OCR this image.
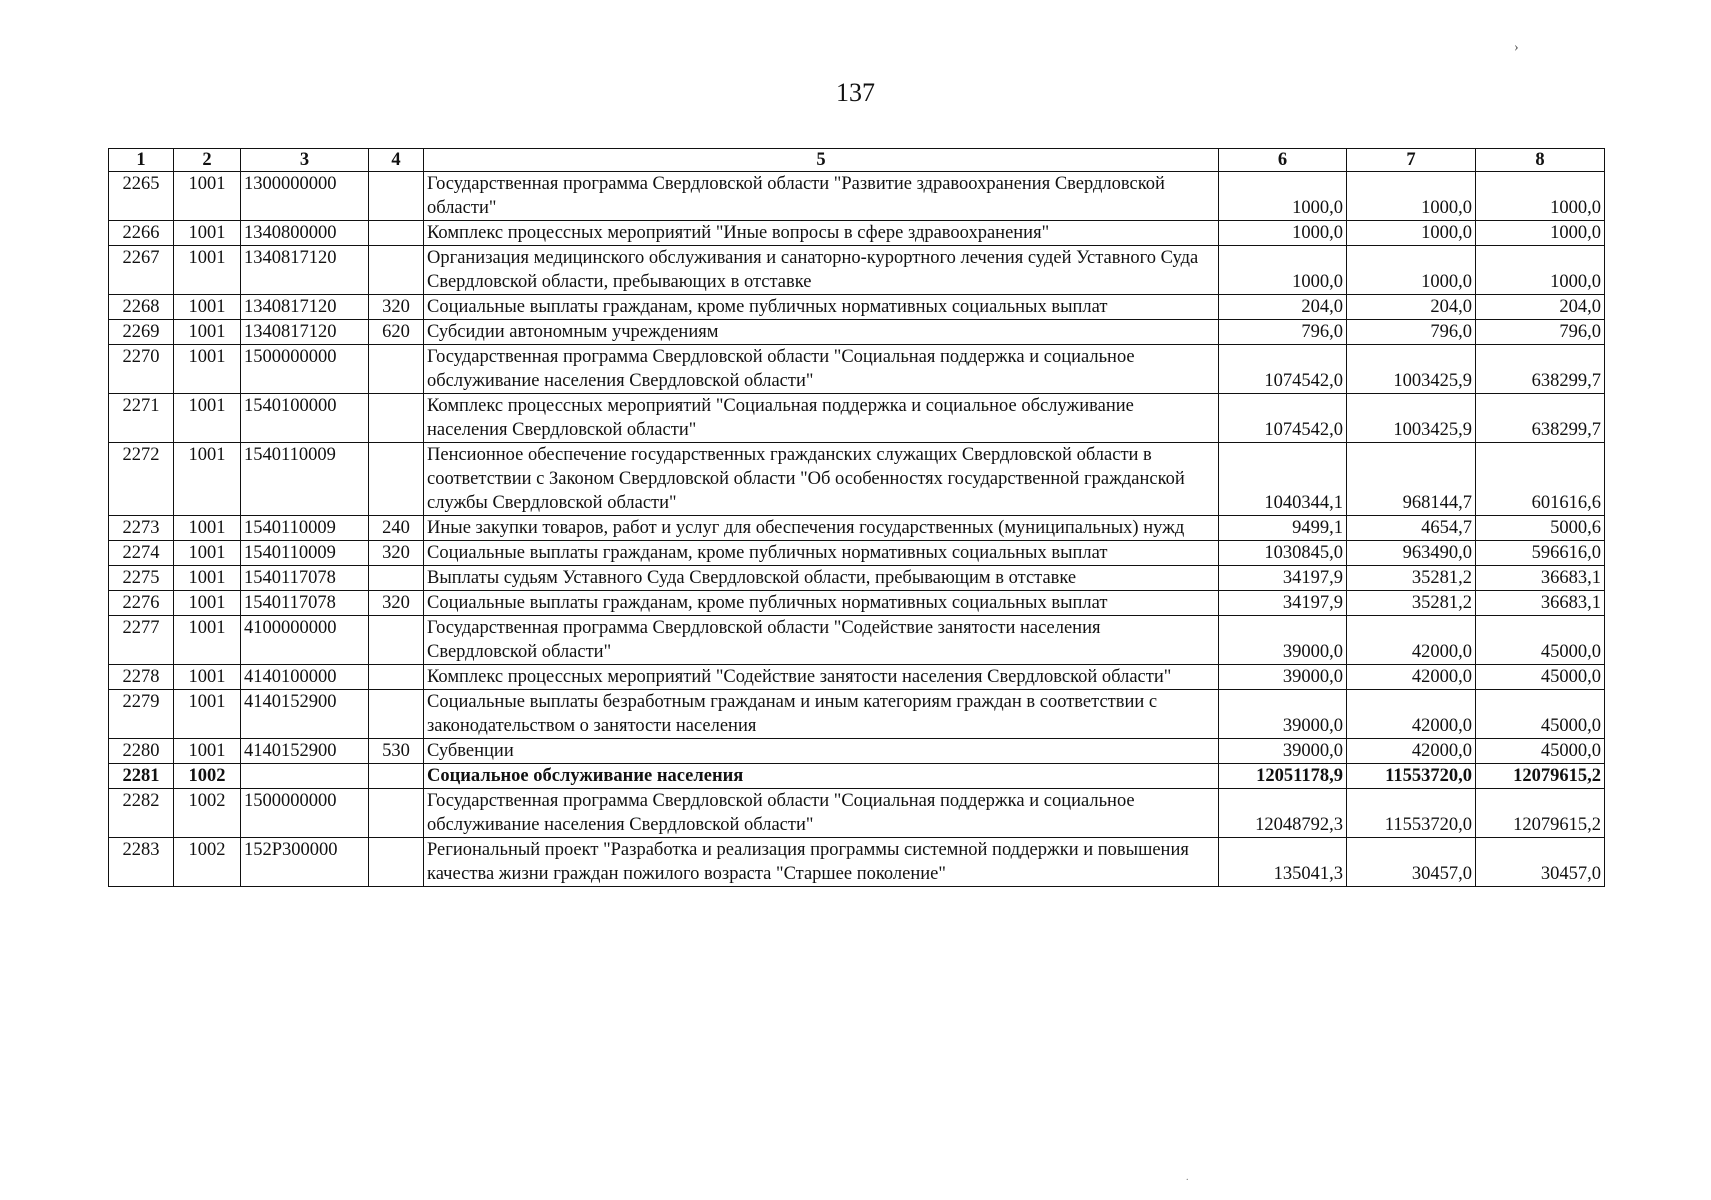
›
137
1	2	3	4	5	6	7	8
2265	1001	1300000000		Государственная программа Свердловской области "Развитие здравоохранения Свердловской области"	1000,0	1000,0	1000,0
2266	1001	1340800000		Комплекс процессных мероприятий "Иные вопросы в сфере здравоохранения"	1000,0	1000,0	1000,0
2267	1001	1340817120		Организация медицинского обслуживания и санаторно-курортного лечения судей Уставного Суда Свердловской области, пребывающих в отставке	1000,0	1000,0	1000,0
2268	1001	1340817120	320	Социальные выплаты гражданам, кроме публичных нормативных социальных выплат	204,0	204,0	204,0
2269	1001	1340817120	620	Субсидии автономным учреждениям	796,0	796,0	796,0
2270	1001	1500000000		Государственная программа Свердловской области "Социальная поддержка и социальное обслуживание населения Свердловской области"	1074542,0	1003425,9	638299,7
2271	1001	1540100000		Комплекс процессных мероприятий "Социальная поддержка и социальное обслуживание населения Свердловской области"	1074542,0	1003425,9	638299,7
2272	1001	1540110009		Пенсионное обеспечение государственных гражданских служащих Свердловской области в соответствии с Законом Свердловской области "Об особенностях государственной гражданской службы Свердловской области"	1040344,1	968144,7	601616,6
2273	1001	1540110009	240	Иные закупки товаров, работ и услуг для обеспечения государственных (муниципальных) нужд	9499,1	4654,7	5000,6
2274	1001	1540110009	320	Социальные выплаты гражданам, кроме публичных нормативных социальных выплат	1030845,0	963490,0	596616,0
2275	1001	1540117078		Выплаты судьям Уставного Суда Свердловской области, пребывающим в отставке	34197,9	35281,2	36683,1
2276	1001	1540117078	320	Социальные выплаты гражданам, кроме публичных нормативных социальных выплат	34197,9	35281,2	36683,1
2277	1001	4100000000		Государственная программа Свердловской области "Содействие занятости населения Свердловской области"	39000,0	42000,0	45000,0
2278	1001	4140100000		Комплекс процессных мероприятий "Содействие занятости населения Свердловской области"	39000,0	42000,0	45000,0
2279	1001	4140152900		Социальные выплаты безработным гражданам и иным категориям граждан в соответствии с законодательством о занятости населения	39000,0	42000,0	45000,0
2280	1001	4140152900	530	Субвенции	39000,0	42000,0	45000,0
2281	1002			Социальное обслуживание населения	12051178,9	11553720,0	12079615,2
2282	1002	1500000000		Государственная программа Свердловской области "Социальная поддержка и социальное обслуживание населения Свердловской области"	12048792,3	11553720,0	12079615,2
2283	1002	152P300000		Региональный проект "Разработка и реализация программы системной поддержки и повышения качества жизни граждан пожилого возраста "Старшее поколение"	135041,3	30457,0	30457,0
.
